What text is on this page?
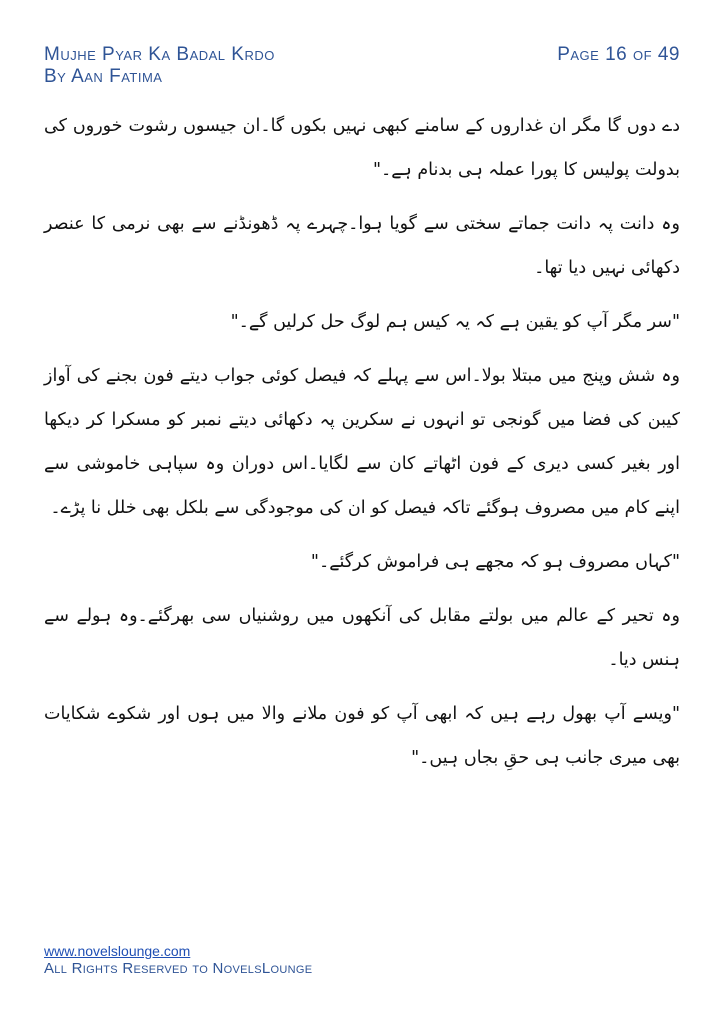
Mujhe Pyar Ka Badal Krdo
By Aan Fatima
Page 16 of 49

دے دوں گا مگر ان غداروں کے سامنے کبھی نہیں بکوں گا۔ان جیسوں رشوت خوروں کی بدولت پولیس کا پورا عملہ ہی بدنام ہے۔"

وہ دانت پہ دانت جماتے سختی سے گویا ہوا۔چہرے پہ ڈھونڈنے سے بھی نرمی کا عنصر دکھائی نہیں دیا تھا۔

"سر مگر آپ کو یقین ہے کہ یہ کیس ہم لوگ حل کرلیں گے۔"

وہ شش وپنج میں مبتلا بولا۔اس سے پہلے کہ فیصل کوئی جواب دیتے فون بجنے کی آواز کیبن کی فضا میں گونجی تو انہوں نے سکرین پہ دکھائی دیتے نمبر کو مسکرا کر دیکھا اور بغیر کسی دیری کے فون اٹھاتے کان سے لگایا۔اس دوران وہ سپاہی خاموشی سے اپنے کام میں مصروف ہوگئے تاکہ فیصل کو ان کی موجودگی سے بلکل بھی خلل نا پڑے۔

"کہاں مصروف ہو کہ مجھے ہی فراموش کرگئے۔"

وہ تحیر کے عالم میں بولتے مقابل کی آنکھوں میں روشنیاں سی بھرگئے۔وہ ہولے سے ہنس دیا۔

"ویسے آپ بھول رہے ہیں کہ ابھی آپ کو فون ملانے والا میں ہوں اور شکوے شکایات بھی میری جانب ہی حقِ بجاں ہیں۔"

www.novelslounge.com
All Rights Reserved to NovelsLounge
